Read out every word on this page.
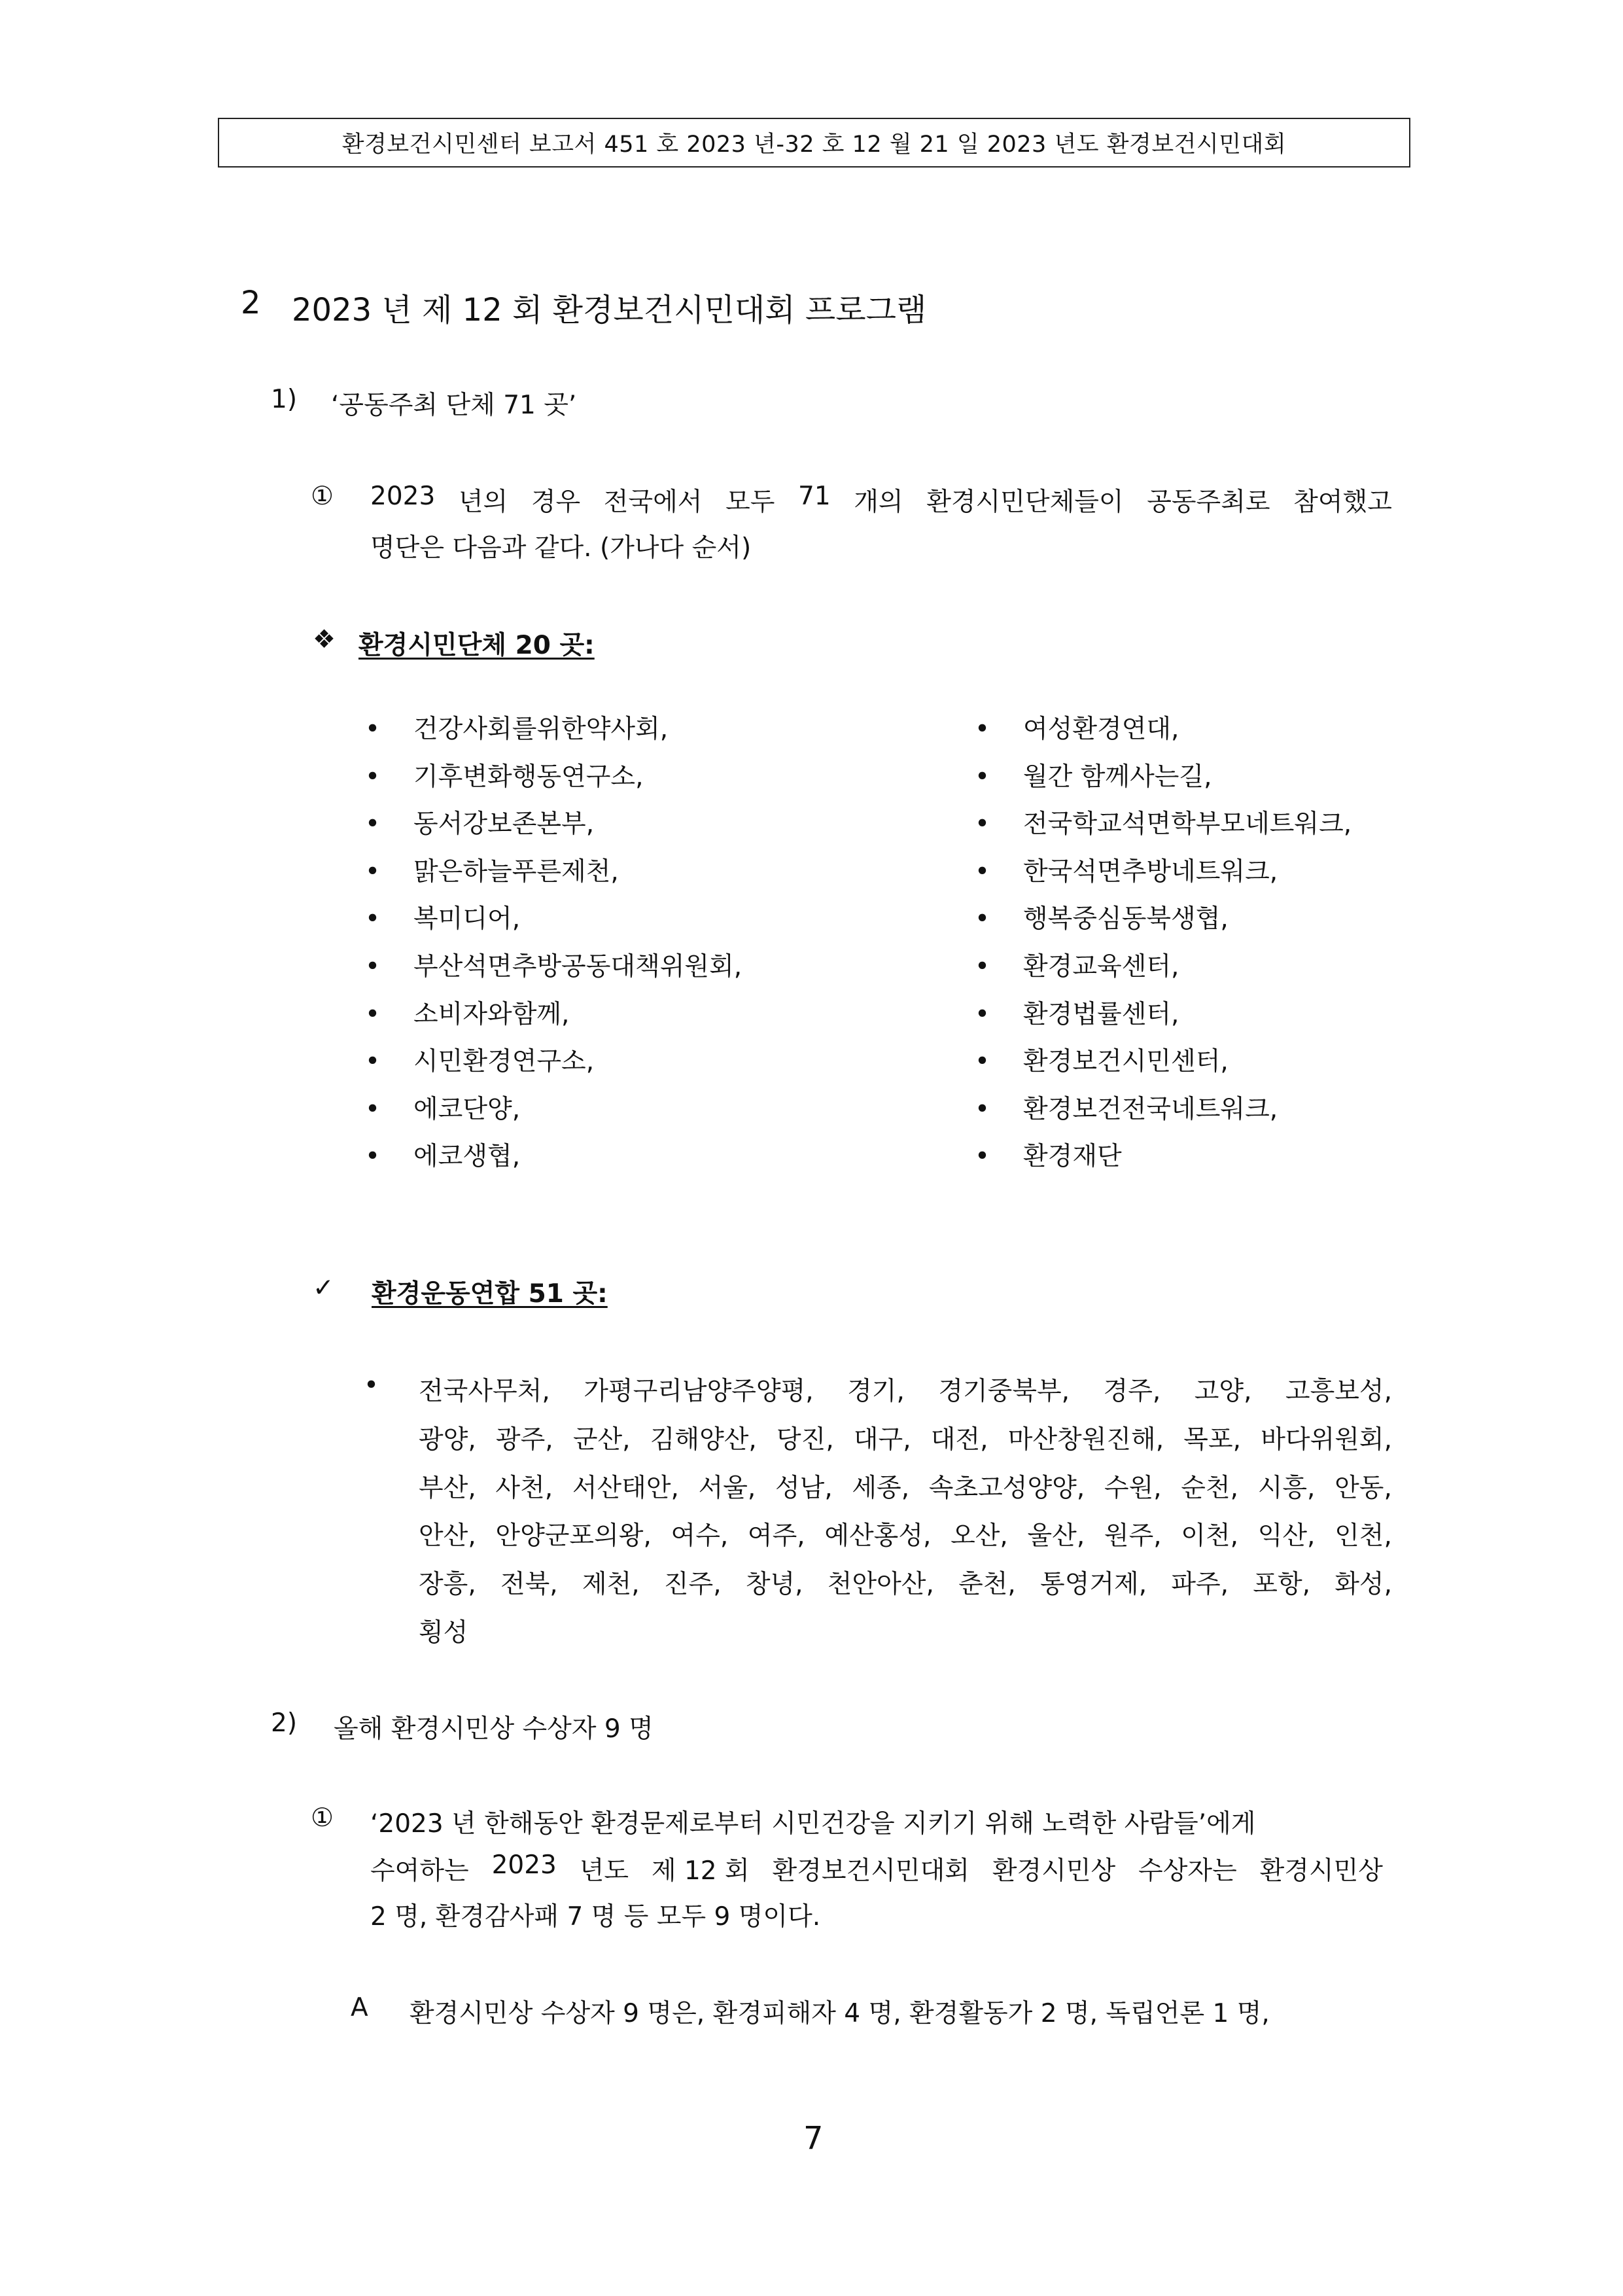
환경보건시민센터 보고서 451 호 2023 년-32 호 12 월 21 일 2023 년도 환경보건시민대회
2 2023 년 제 12 회 환경보건시민대회 프로그램
1) ‘공동주최 단체 71 곳’
① 2023 년의 경우 전국에서 모두 71 개의 환경시민단체들이 공동주최로 참여했고
명단은 다음과 같다. (가나다 순서)
❖ 환경시민단체 20 곳:
• 건강사회를위한약사회,
• 기후변화행동연구소,
• 동서강보존본부,
• 맑은하늘푸른제천,
• 복미디어,
• 부산석면추방공동대책위원회,
• 소비자와함께,
• 시민환경연구소,
• 에코단양,
• 에코생협,
• 여성환경연대,
• 월간 함께사는길,
• 전국학교석면학부모네트워크,
• 한국석면추방네트워크,
• 행복중심동북생협,
• 환경교육센터,
• 환경법률센터,
• 환경보건시민센터,
• 환경보건전국네트워크,
• 환경재단
✓ 환경운동연합 51 곳:
• 전국사무처, 가평구리남양주양평, 경기, 경기중북부, 경주, 고양, 고흥보성,
광양, 광주, 군산, 김해양산, 당진, 대구, 대전, 마산창원진해, 목포, 바다위원회,
부산, 사천, 서산태안, 서울, 성남, 세종, 속초고성양양, 수원, 순천, 시흥, 안동,
안산, 안양군포의왕, 여수, 여주, 예산홍성, 오산, 울산, 원주, 이천, 익산, 인천,
장흥, 전북, 제천, 진주, 창녕, 천안아산, 춘천, 통영거제, 파주, 포항, 화성,
횡성
2) 올해 환경시민상 수상자 9 명
① ‘2023 년 한해동안 환경문제로부터 시민건강을 지키기 위해 노력한 사람들’에게
수여하는 2023 년도 제 12 회 환경보건시민대회 환경시민상 수상자는 환경시민상
2 명, 환경감사패 7 명 등 모두 9 명이다.
A 환경시민상 수상자 9 명은, 환경피해자 4 명, 환경활동가 2 명, 독립언론 1 명,
7
